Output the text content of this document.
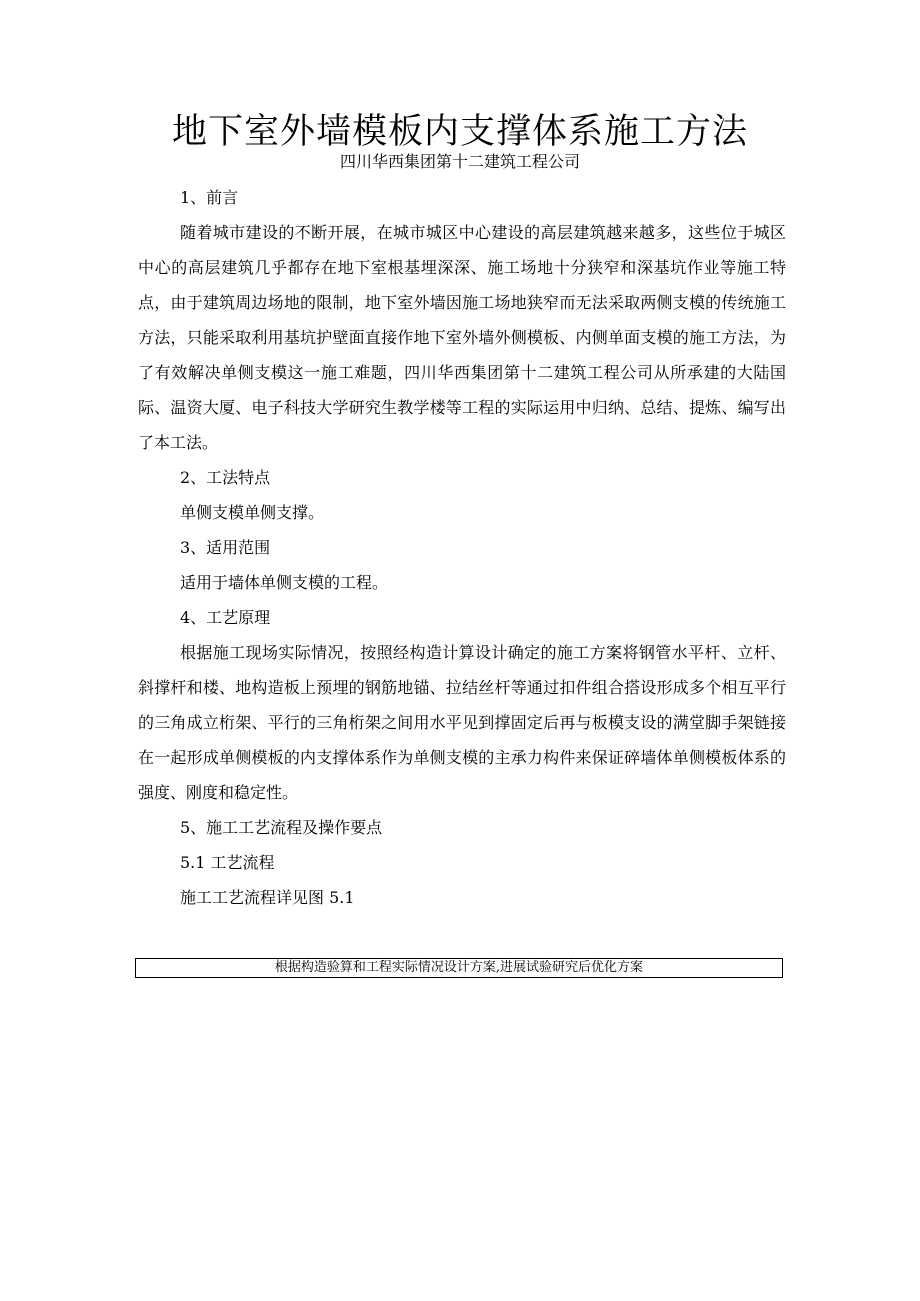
地下室外墙模板内支撑体系施工方法
四川华西集团第十二建筑工程公司

1、前言

随着城市建设的不断开展，在城市城区中心建设的高层建筑越来越多，这些位于城区中心的高层建筑几乎都存在地下室根基埋深深、施工场地十分狭窄和深基坑作业等施工特点，由于建筑周边场地的限制，地下室外墙因施工场地狭窄而无法采取两侧支模的传统施工方法，只能采取利用基坑护壁面直接作地下室外墙外侧模板、内侧单面支模的施工方法，为了有效解决单侧支模这一施工难题，四川华西集团第十二建筑工程公司从所承建的大陆国际、温资大厦、电子科技大学研究生教学楼等工程的实际运用中归纳、总结、提炼、编写出了本工法。

2、工法特点

单侧支模单侧支撑。

3、适用范围

适用于墙体单侧支模的工程。

4、工艺原理

根据施工现场实际情况，按照经构造计算设计确定的施工方案将钢管水平杆、立杆、斜撑杆和楼、地构造板上预埋的钢筋地锚、拉结丝杆等通过扣件组合搭设形成多个相互平行的三角成立桁架、平行的三角桁架之间用水平见到撑固定后再与板模支设的满堂脚手架链接在一起形成单侧模板的内支撑体系作为单侧支模的主承力构件来保证碎墙体单侧模板体系的强度、刚度和稳定性。

5、施工工艺流程及操作要点

5.1 工艺流程

施工工艺流程详见图 5.1

根据构造验算和工程实际情况设计方案,进展试验研究后优化方案
